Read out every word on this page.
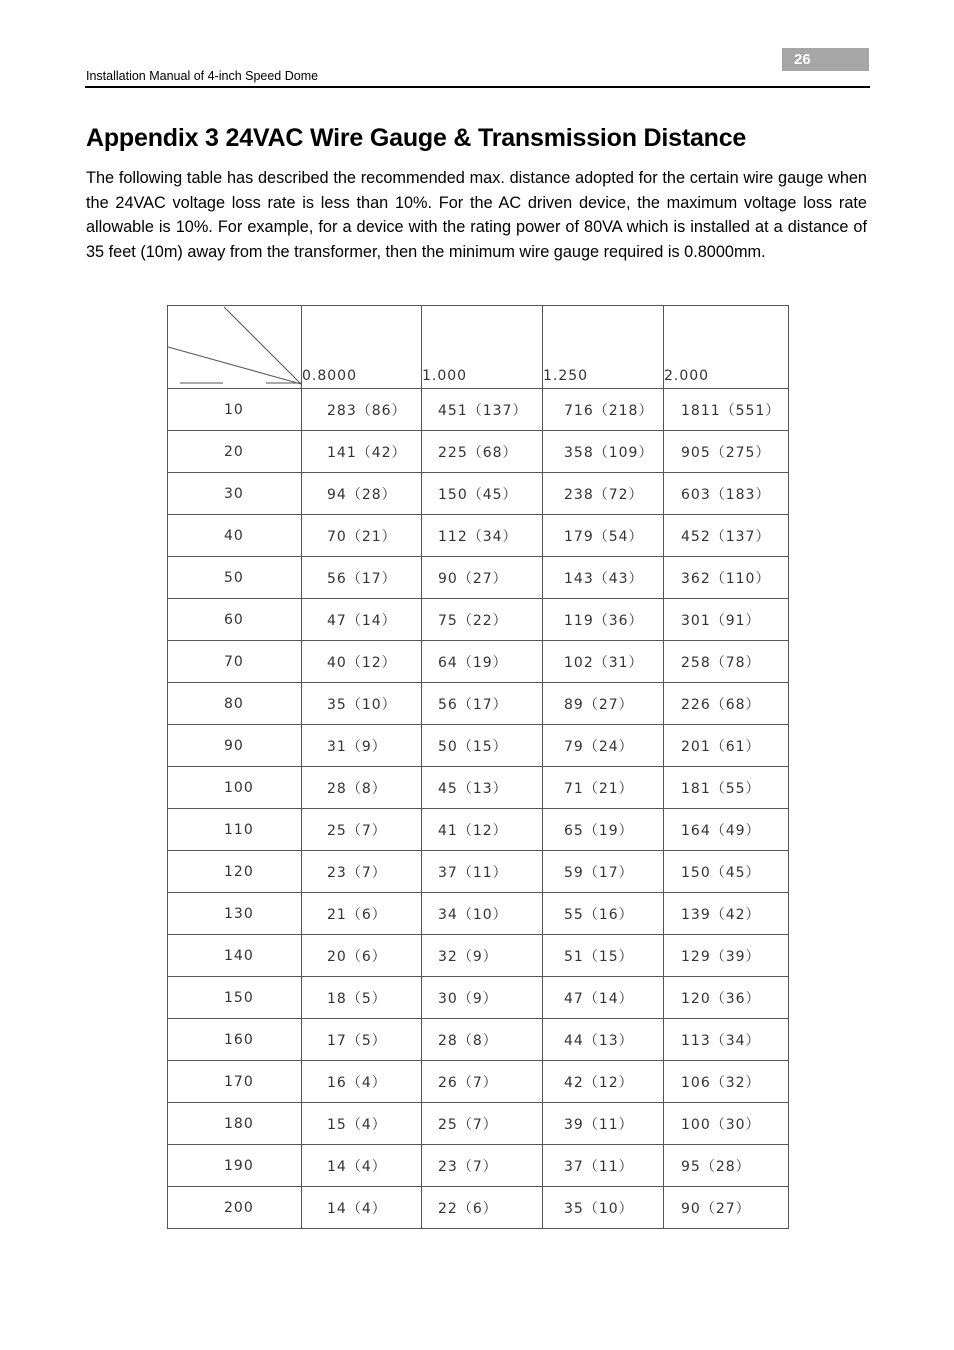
26
Installation Manual of 4-inch Speed Dome
Appendix 3 24VAC Wire Gauge & Transmission Distance

The following table has described the recommended max. distance adopted for the certain wire gauge when the 24VAC voltage loss rate is less than 10%. For the AC driven device, the maximum voltage loss rate allowable is 10%. For example, for a device with the rating power of 80VA which is installed at a distance of 35 feet (10m) away from the transformer, then the minimum wire gauge required is 0.8000mm.

	0.8000	1.000	1.250	2.000
10	283（86）	451（137）	716（218）	1811（551）
20	141（42）	225（68）	358（109）	905（275）
30	94（28）	150（45）	238（72）	603（183）
40	70（21）	112（34）	179（54）	452（137）
50	56（17）	90（27）	143（43）	362（110）
60	47（14）	75（22）	119（36）	301（91）
70	40（12）	64（19）	102（31）	258（78）
80	35（10）	56（17）	89（27）	226（68）
90	31（9）	50（15）	79（24）	201（61）
100	28（8）	45（13）	71（21）	181（55）
110	25（7）	41（12）	65（19）	164（49）
120	23（7）	37（11）	59（17）	150（45）
130	21（6）	34（10）	55（16）	139（42）
140	20（6）	32（9）	51（15）	129（39）
150	18（5）	30（9）	47（14）	120（36）
160	17（5）	28（8）	44（13）	113（34）
170	16（4）	26（7）	42（12）	106（32）
180	15（4）	25（7）	39（11）	100（30）
190	14（4）	23（7）	37（11）	95（28）
200	14（4）	22（6）	35（10）	90（27）
